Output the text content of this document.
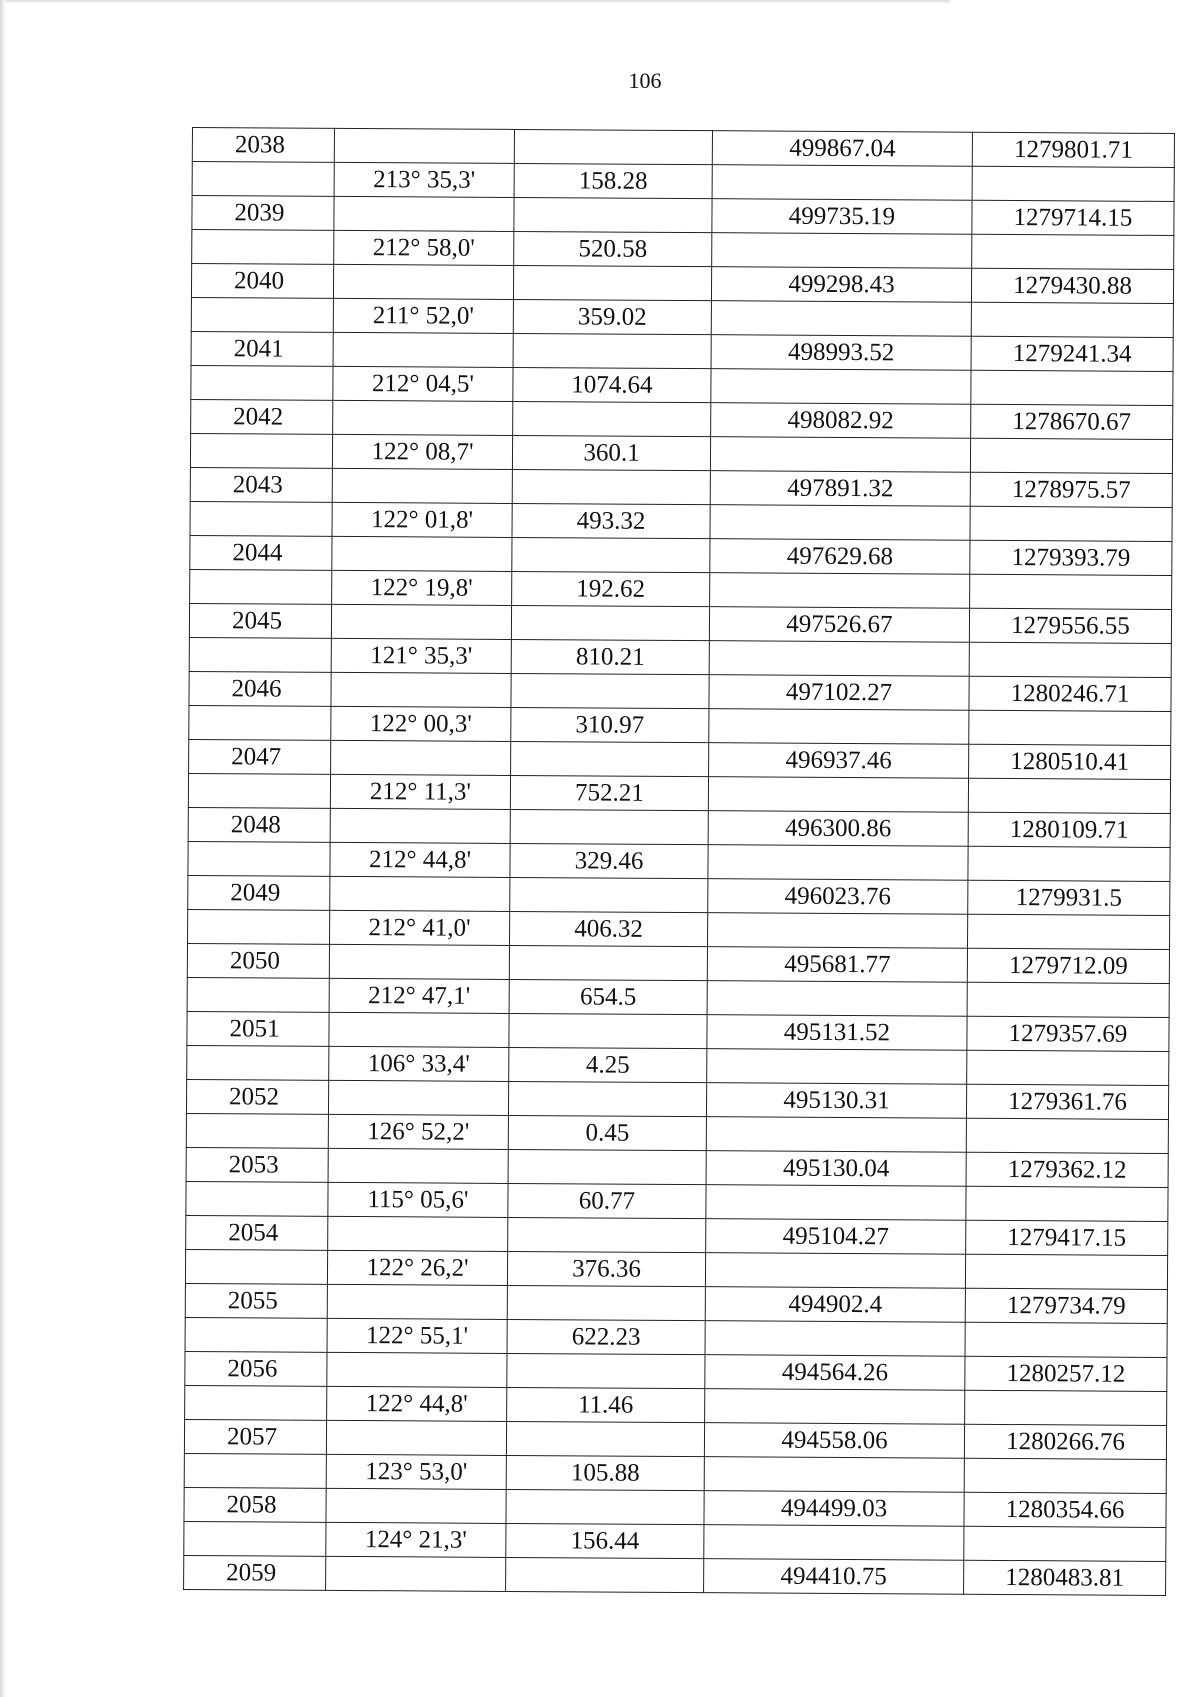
106
2038			499867.04	1279801.71
	213° 35,3'	158.28		
2039			499735.19	1279714.15
	212° 58,0'	520.58		
2040			499298.43	1279430.88
	211° 52,0'	359.02		
2041			498993.52	1279241.34
	212° 04,5'	1074.64		
2042			498082.92	1278670.67
	122° 08,7'	360.1		
2043			497891.32	1278975.57
	122° 01,8'	493.32		
2044			497629.68	1279393.79
	122° 19,8'	192.62		
2045			497526.67	1279556.55
	121° 35,3'	810.21		
2046			497102.27	1280246.71
	122° 00,3'	310.97		
2047			496937.46	1280510.41
	212° 11,3'	752.21		
2048			496300.86	1280109.71
	212° 44,8'	329.46		
2049			496023.76	1279931.5
	212° 41,0'	406.32		
2050			495681.77	1279712.09
	212° 47,1'	654.5		
2051			495131.52	1279357.69
	106° 33,4'	4.25		
2052			495130.31	1279361.76
	126° 52,2'	0.45		
2053			495130.04	1279362.12
	115° 05,6'	60.77		
2054			495104.27	1279417.15
	122° 26,2'	376.36		
2055			494902.4	1279734.79
	122° 55,1'	622.23		
2056			494564.26	1280257.12
	122° 44,8'	11.46		
2057			494558.06	1280266.76
	123° 53,0'	105.88		
2058			494499.03	1280354.66
	124° 21,3'	156.44		
2059			494410.75	1280483.81
